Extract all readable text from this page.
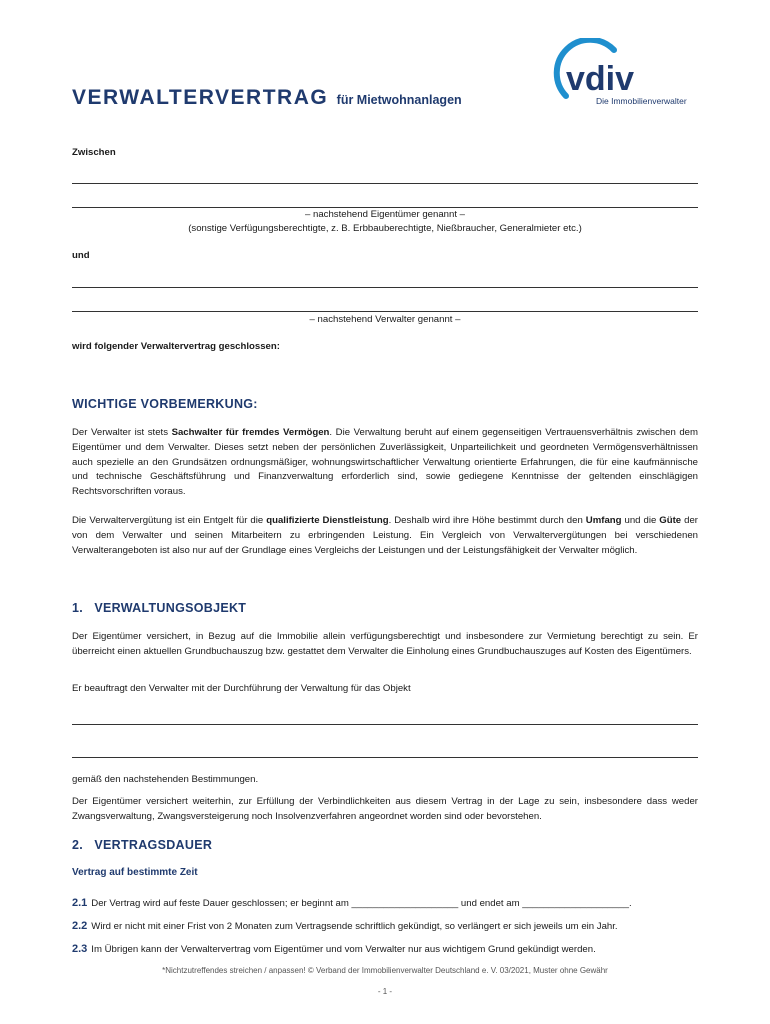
VERWALTERVERTRAG für Mietwohnanlagen
vdiv
Die Immobilienverwalter
Zwischen
– nachstehend Eigentümer genannt –
(sonstige Verfügungsberechtigte, z. B. Erbbauberechtigte, Nießbraucher, Generalmieter etc.)
und
– nachstehend Verwalter genannt –
wird folgender Verwaltervertrag geschlossen:
WICHTIGE VORBEMERKUNG:
Der Verwalter ist stets Sachwalter für fremdes Vermögen. Die Verwaltung beruht auf einem gegenseitigen Vertrauensverhältnis zwischen dem Eigentümer und dem Verwalter. Dieses setzt neben der persönlichen Zuverlässigkeit, Unparteilichkeit und geordneten Vermögensverhältnissen auch spezielle an den Grundsätzen ordnungsmäßiger, wohnungswirtschaftlicher Verwaltung orientierte Erfahrungen, die für eine kaufmännische und technische Geschäftsführung und Finanzverwaltung erforderlich sind, sowie gediegene Kenntnisse der geltenden einschlägigen Rechtsvorschriften voraus.
Die Verwaltervergütung ist ein Entgelt für die qualifizierte Dienstleistung. Deshalb wird ihre Höhe bestimmt durch den Umfang und die Güte der von dem Verwalter und seinen Mitarbeitern zu erbringenden Leistung. Ein Vergleich von Verwaltervergütungen bei verschiedenen Verwalterangeboten ist also nur auf der Grundlage eines Vergleichs der Leistungen und der Leistungsfähigkeit der Verwalter möglich.
1. VERWALTUNGSOBJEKT
Der Eigentümer versichert, in Bezug auf die Immobilie allein verfügungsberechtigt und insbesondere zur Vermietung berechtigt zu sein. Er überreicht einen aktuellen Grundbuchauszug bzw. gestattet dem Verwalter die Einholung eines Grundbuchauszuges auf Kosten des Eigentümers.
Er beauftragt den Verwalter mit der Durchführung der Verwaltung für das Objekt
gemäß den nachstehenden Bestimmungen.
Der Eigentümer versichert weiterhin, zur Erfüllung der Verbindlichkeiten aus diesem Vertrag in der Lage zu sein, insbesondere dass weder Zwangsverwaltung, Zwangsversteigerung noch Insolvenzverfahren angeordnet worden sind oder bevorstehen.
2. VERTRAGSDAUER
Vertrag auf bestimmte Zeit
2.1 Der Vertrag wird auf feste Dauer geschlossen; er beginnt am ____________________ und endet am ____________________.
2.2 Wird er nicht mit einer Frist von 2 Monaten zum Vertragsende schriftlich gekündigt, so verlängert er sich jeweils um ein Jahr.
2.3 Im Übrigen kann der Verwaltervertrag vom Eigentümer und vom Verwalter nur aus wichtigem Grund gekündigt werden.
*Nichtzutreffendes streichen / anpassen! © Verband der Immobilienverwalter Deutschland e. V. 03/2021, Muster ohne Gewähr
- 1 -
